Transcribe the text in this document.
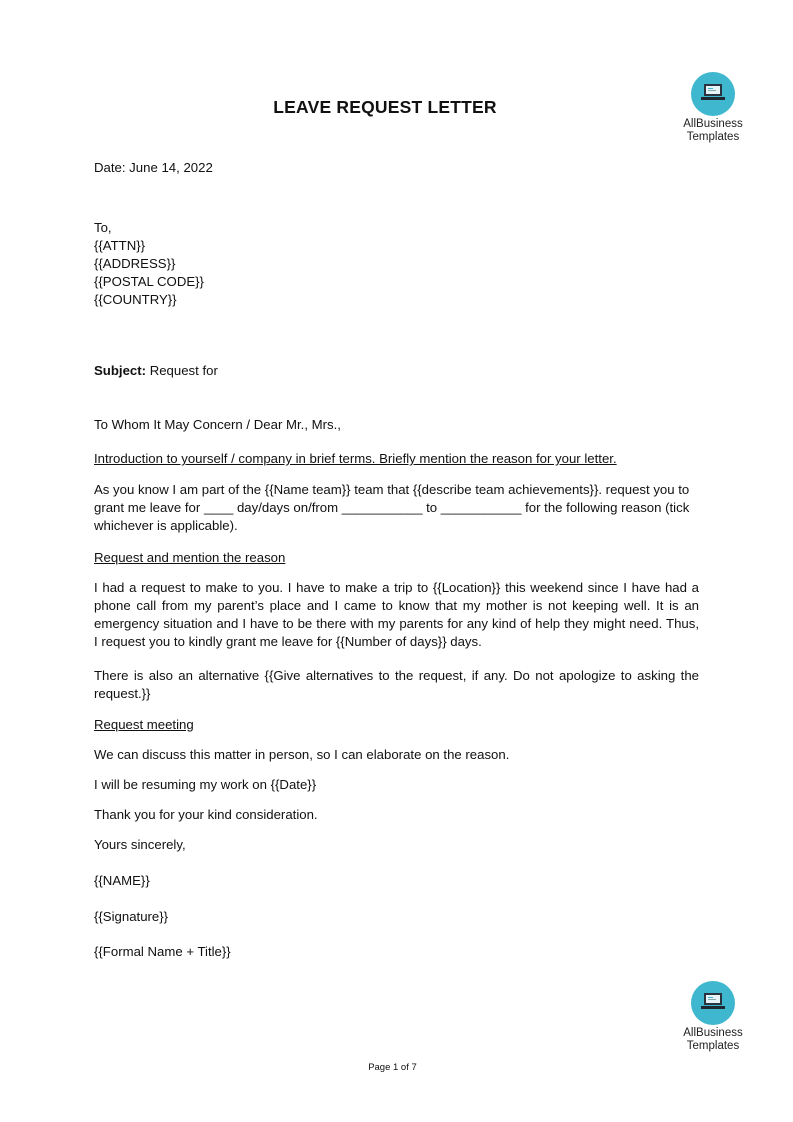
AllBusiness
Templates
LEAVE REQUEST LETTER
Date: June 14, 2022
To,
{{ATTN}}
{{ADDRESS}}
{{POSTAL CODE}}
{{COUNTRY}}
Subject: Request for
To Whom It May Concern / Dear Mr., Mrs.,
Introduction to yourself / company in brief terms. Briefly mention the reason for your letter.
As you know I am part of the {{Name team}} team that {{describe team achievements}}. request you to grant me leave for ____ day/days on/from ___________ to ___________ for the following reason (tick whichever is applicable).
Request and mention the reason
I had a request to make to you. I have to make a trip to {{Location}} this weekend since I have had a phone call from my parent’s place and I came to know that my mother is not keeping well. It is an emergency situation and I have to be there with my parents for any kind of help they might need. Thus, I request you to kindly grant me leave for {{Number of days}} days.
There is also an alternative {{Give alternatives to the request, if any. Do not apologize to asking the request.}}
Request meeting
We can discuss this matter in person, so I can elaborate on the reason.
I will be resuming my work on {{Date}}
Thank you for your kind consideration.
Yours sincerely,
{{NAME}}
{{Signature}}
{{Formal Name + Title}}
AllBusiness
Templates
Page 1 of 7
